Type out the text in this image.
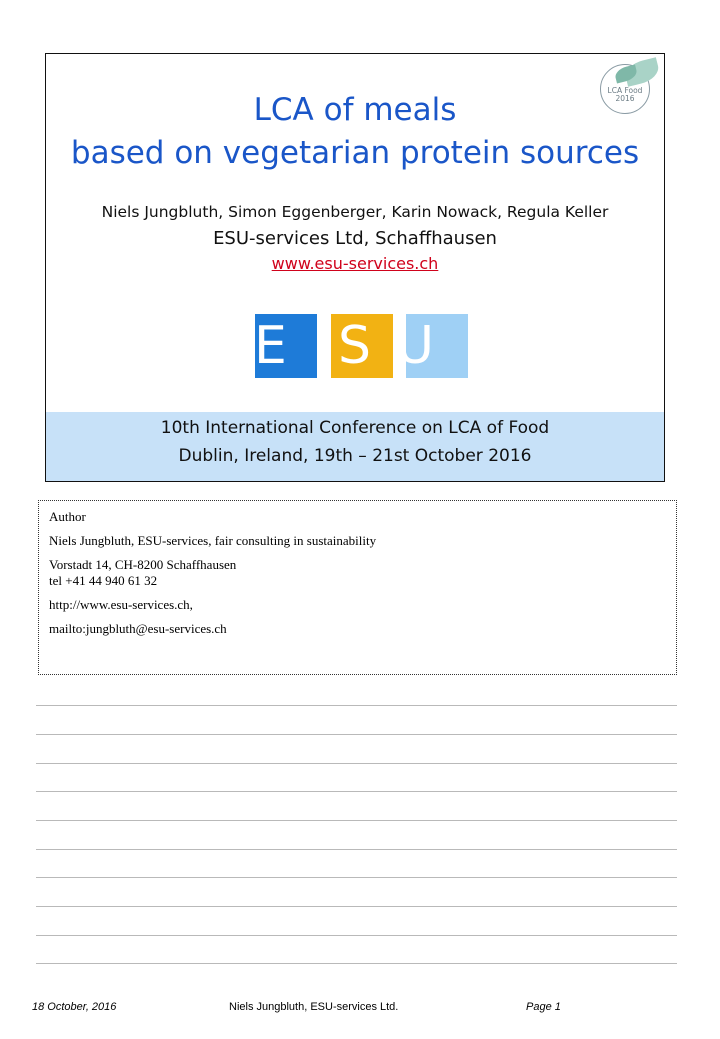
LCA Food
2016
LCA of meals
based on vegetarian protein sources
Niels Jungbluth, Simon Eggenberger, Karin Nowack, Regula Keller
ESU-services Ltd, Schaffhausen
www.esu-services.ch
E S U
10th International Conference on LCA of Food
Dublin, Ireland, 19th – 21st October 2016
Author
Niels Jungbluth, ESU-services, fair consulting in sustainability
Vorstadt 14, CH-8200 Schaffhausen
tel +41 44 940 61 32
http://www.esu-services.ch,
mailto:jungbluth@esu-services.ch
18 October, 2016	Niels Jungbluth, ESU-services Ltd.	Page 1
